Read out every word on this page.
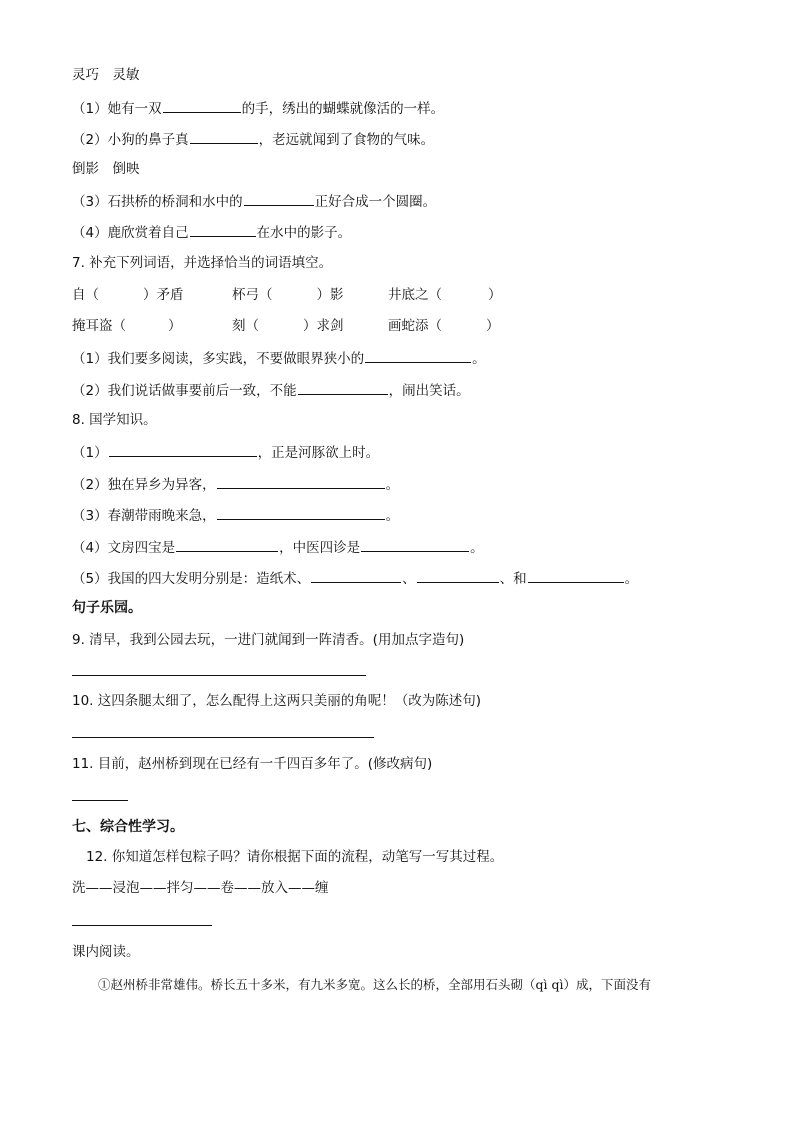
灵巧　灵敏
（1）她有一双	的手，绣出的蝴蝶就像活的一样。
（2）小狗的鼻子真	，老远就闻到了食物的气味。
倒影　倒映
（3）石拱桥的桥洞和水中的	正好合成一个圆圈。
（4）鹿欣赏着自己	在水中的影子。
7. 补充下列词语，并选择恰当的词语填空。
自（	）矛盾	杯弓（	）影	井底之（	）
掩耳盗（	）	刻（	）求剑	画蛇添（	）
（1）我们要多阅读，多实践，不要做眼界狭小的	。
（2）我们说话做事要前后一致，不能	，闹出笑话。
8. 国学知识。
（1）	，正是河豚欲上时。
（2）独在异乡为异客，	。
（3）春潮带雨晚来急，	。
（4）文房四宝是	，中医四诊是	。
（5）我国的四大发明分别是：造纸术、	、	、和	。
句子乐园。
9. 清早，我到公园去玩，一进门就闻到一阵清香。(用加点字造句)
10. 这四条腿太细了，怎么配得上这两只美丽的角呢！（改为陈述句)
11. 目前，赵州桥到现在已经有一千四百多年了。(修改病句)
七、综合性学习。
12. 你知道怎样包粽子吗？请你根据下面的流程，动笔写一写其过程。
洗——浸泡——拌匀——卷——放入——缠
课内阅读。
①赵州桥非常雄伟。桥长五十多米，有九米多宽。这么长的桥，全部用石头砌（qì qì）成，下面没有
